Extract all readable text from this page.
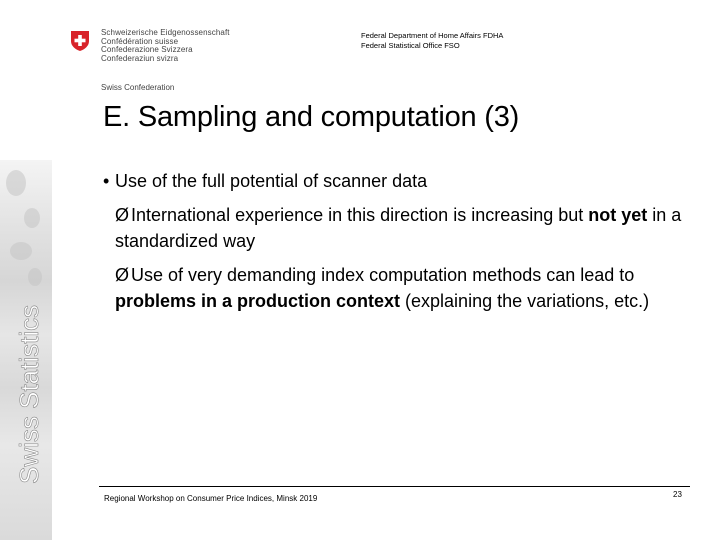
Swiss Statistics
Schweizerische Eidgenossenschaft
Confédération suisse
Confederazione Svizzera
Confederaziun svizra
Swiss Confederation
Federal Department of Home Affairs FDHA
Federal Statistical Office FSO
E. Sampling and computation (3)
• Use of the full potential of scanner data
Ø International experience in this direction is increasing but not yet in a standardized way
Ø Use of very demanding index computation methods can lead to problems in a production context (explaining the variations, etc.)
Regional Workshop on Consumer Price Indices, Minsk 2019	23
